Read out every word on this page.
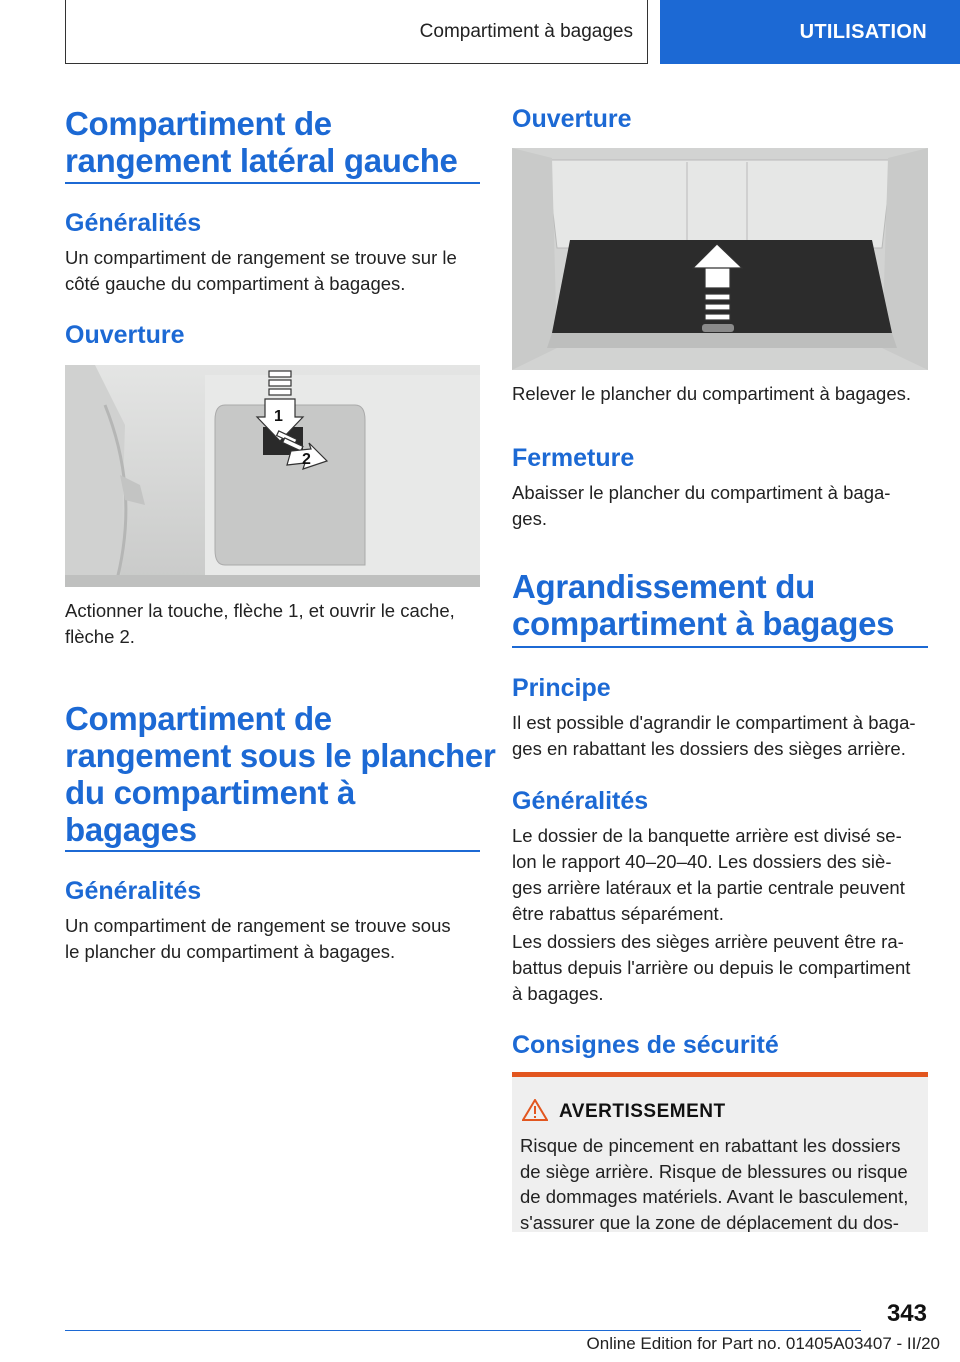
Compartiment à bagages	UTILISATION
Compartiment de
rangement latéral gauche
Généralités
Un compartiment de rangement se trouve sur le
côté gauche du compartiment à bagages.
Ouverture
1
2
Actionner la touche, flèche 1, et ouvrir le cache,
flèche 2.
Compartiment de
rangement sous le plancher
du compartiment à
bagages
Généralités
Un compartiment de rangement se trouve sous
le plancher du compartiment à bagages.
Ouverture
Relever le plancher du compartiment à bagages.
Fermeture
Abaisser le plancher du compartiment à baga-
ges.
Agrandissement du
compartiment à bagages
Principe
Il est possible d'agrandir le compartiment à baga-
ges en rabattant les dossiers des sièges arrière.
Généralités
Le dossier de la banquette arrière est divisé se-
lon le rapport 40–20–40. Les dossiers des siè-
ges arrière latéraux et la partie centrale peuvent
être rabattus séparément.
Les dossiers des sièges arrière peuvent être ra-
battus depuis l'arrière ou depuis le compartiment
à bagages.
Consignes de sécurité
AVERTISSEMENT
Risque de pincement en rabattant les dossiers
de siège arrière. Risque de blessures ou risque
de dommages matériels. Avant le basculement,
s'assurer que la zone de déplacement du dos-
343
Online Edition for Part no. 01405A03407 - II/20
